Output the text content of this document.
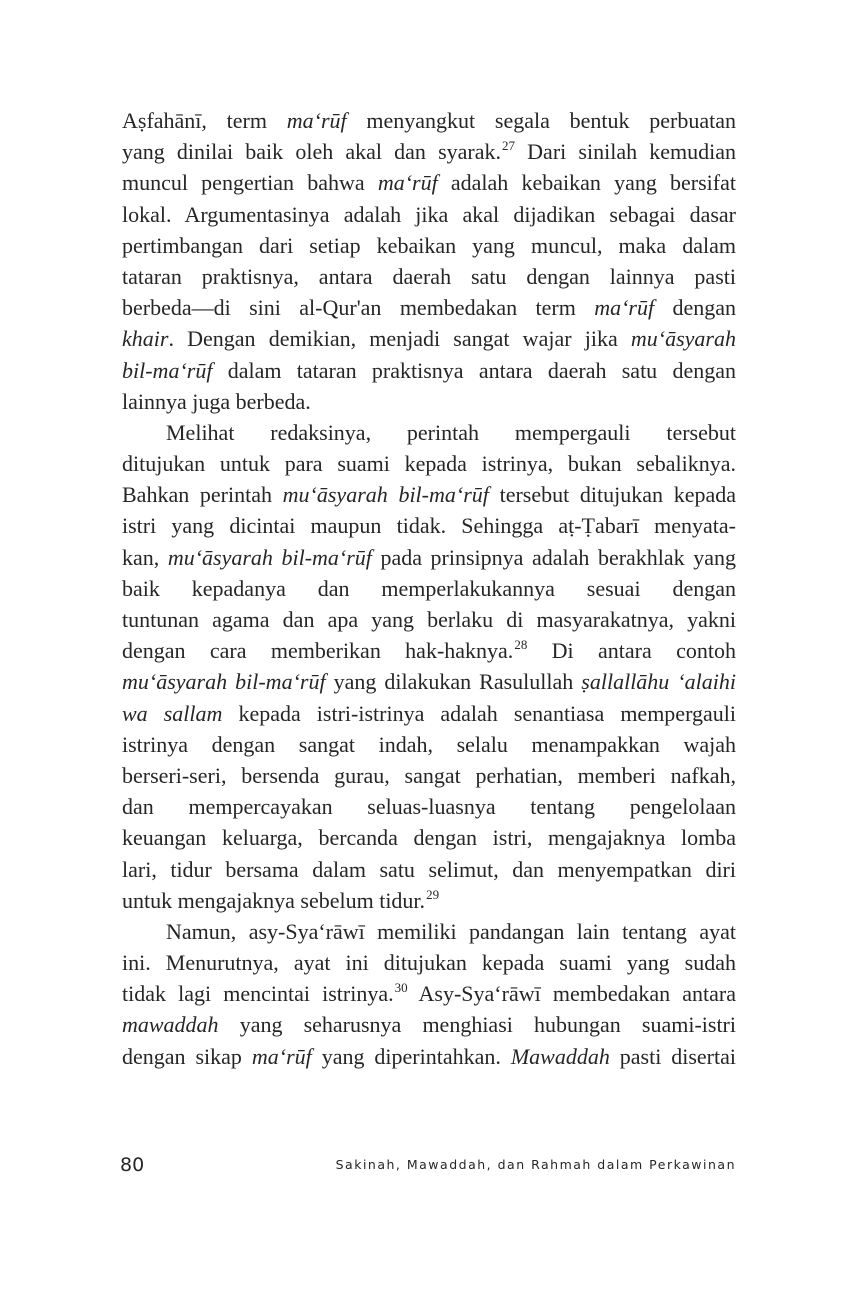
Aṣfahānī, term ma‘rūf menyangkut segala bentuk perbuatan
yang dinilai baik oleh akal dan syarak.$^{27}$ Dari sinilah kemudian
muncul pengertian bahwa ma‘rūf adalah kebaikan yang bersifat
lokal. Argumentasinya adalah jika akal dijadikan sebagai dasar
pertimbangan dari setiap kebaikan yang muncul, maka dalam
tataran praktisnya, antara daerah satu dengan lainnya pasti
berbeda—di sini al-Qur'an membedakan term ma‘rūf dengan
khair. Dengan demikian, menjadi sangat wajar jika mu‘āsyarah
bil-ma‘rūf dalam tataran praktisnya antara daerah satu dengan
lainnya juga berbeda.
Melihat redaksinya, perintah mempergauli tersebut
ditujukan untuk para suami kepada istrinya, bukan sebaliknya.
Bahkan perintah mu‘āsyarah bil-ma‘rūf tersebut ditujukan kepada
istri yang dicintai maupun tidak. Sehingga aṭ-Ṭabarī menyata-
kan, mu‘āsyarah bil-ma‘rūf pada prinsipnya adalah berakhlak yang
baik kepadanya dan memperlakukannya sesuai dengan
tuntunan agama dan apa yang berlaku di masyarakatnya, yakni
dengan cara memberikan hak-haknya.$^{28}$ Di antara contoh
mu‘āsyarah bil-ma‘rūf yang dilakukan Rasulullah ṣallallāhu ‘alaihi
wa sallam kepada istri-istrinya adalah senantiasa mempergauli
istrinya dengan sangat indah, selalu menampakkan wajah
berseri-seri, bersenda gurau, sangat perhatian, memberi nafkah,
dan mempercayakan seluas-luasnya tentang pengelolaan
keuangan keluarga, bercanda dengan istri, mengajaknya lomba
lari, tidur bersama dalam satu selimut, dan menyempatkan diri
untuk mengajaknya sebelum tidur.$^{29}$
Namun, asy-Sya‘rāwī memiliki pandangan lain tentang ayat
ini. Menurutnya, ayat ini ditujukan kepada suami yang sudah
tidak lagi mencintai istrinya.$^{30}$ Asy-Sya‘rāwī membedakan antara
mawaddah yang seharusnya menghiasi hubungan suami-istri
dengan sikap ma‘rūf yang diperintahkan. Mawaddah pasti disertai
80	Sakinah, Mawaddah, dan Rahmah dalam Perkawinan
